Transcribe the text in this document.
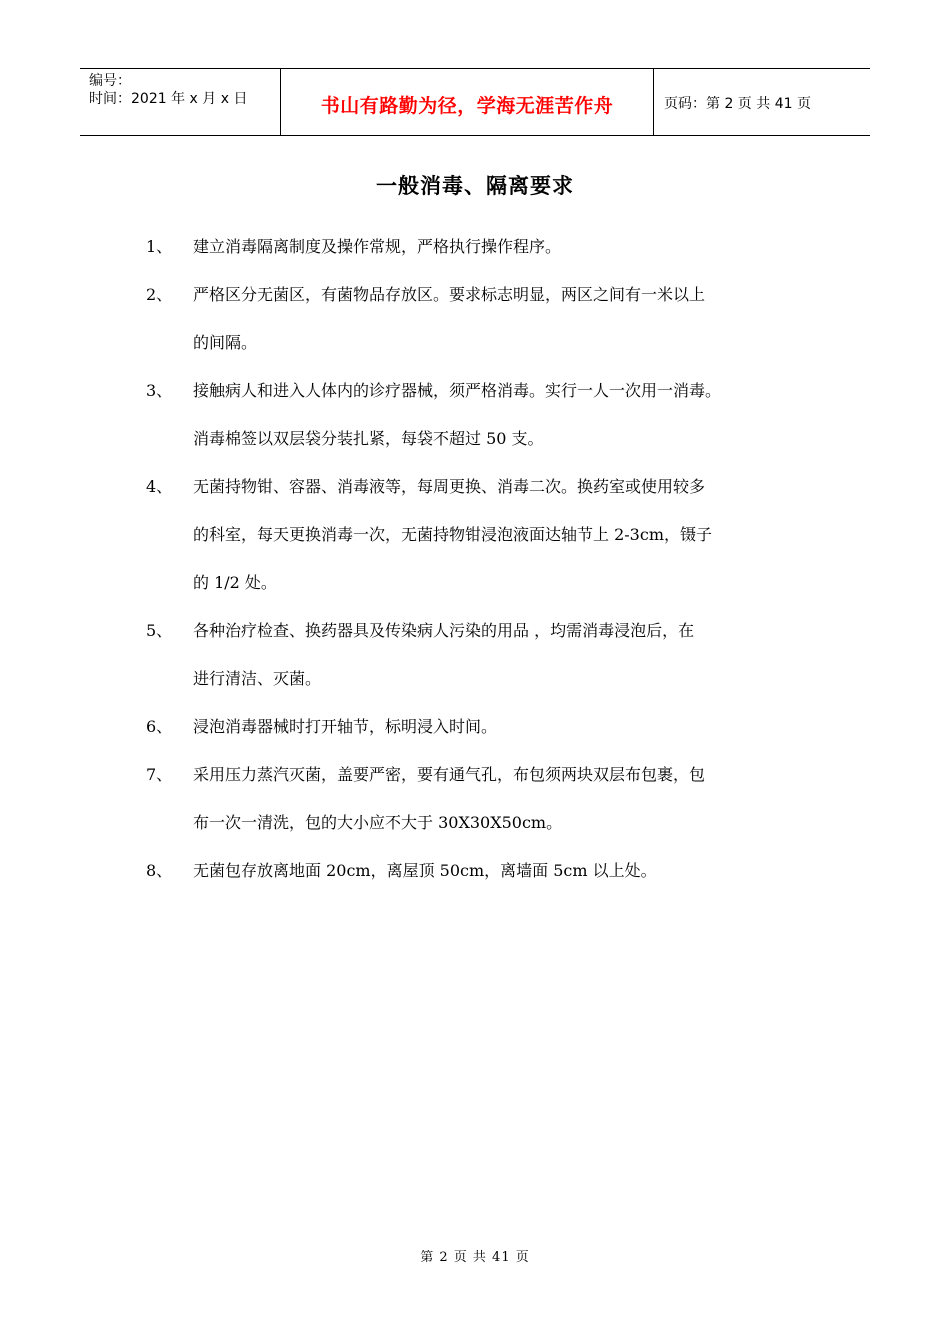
编号：
时间：2021 年 x 月 x 日	书山有路勤为径，学海无涯苦作舟	页码：第 2 页 共 41 页
一般消毒、隔离要求
1、	建立消毒隔离制度及操作常规，严格执行操作程序。
2、	严格区分无菌区，有菌物品存放区。要求标志明显，两区之间有一米以上
的间隔。
3、	接触病人和进入人体内的诊疗器械，须严格消毒。实行一人一次用一消毒。
消毒棉签以双层袋分装扎紧，每袋不超过 50 支。
4、	无菌持物钳、容器、消毒液等，每周更换、消毒二次。换药室或使用较多
的科室，每天更换消毒一次，无菌持物钳浸泡液面达轴节上 2-3cm，镊子
的 1/2 处。
5、	各种治疗检查、换药器具及传染病人污染的用品 ，均需消毒浸泡后，在
进行清洁、灭菌。
6、	浸泡消毒器械时打开轴节，标明浸入时间。
7、	采用压力蒸汽灭菌，盖要严密，要有通气孔，布包须两块双层布包裹，包
布一次一清洗，包的大小应不大于 30X30X50cm。
8、	无菌包存放离地面 20cm，离屋顶 50cm，离墙面 5cm 以上处。
第 2 页 共 41 页
